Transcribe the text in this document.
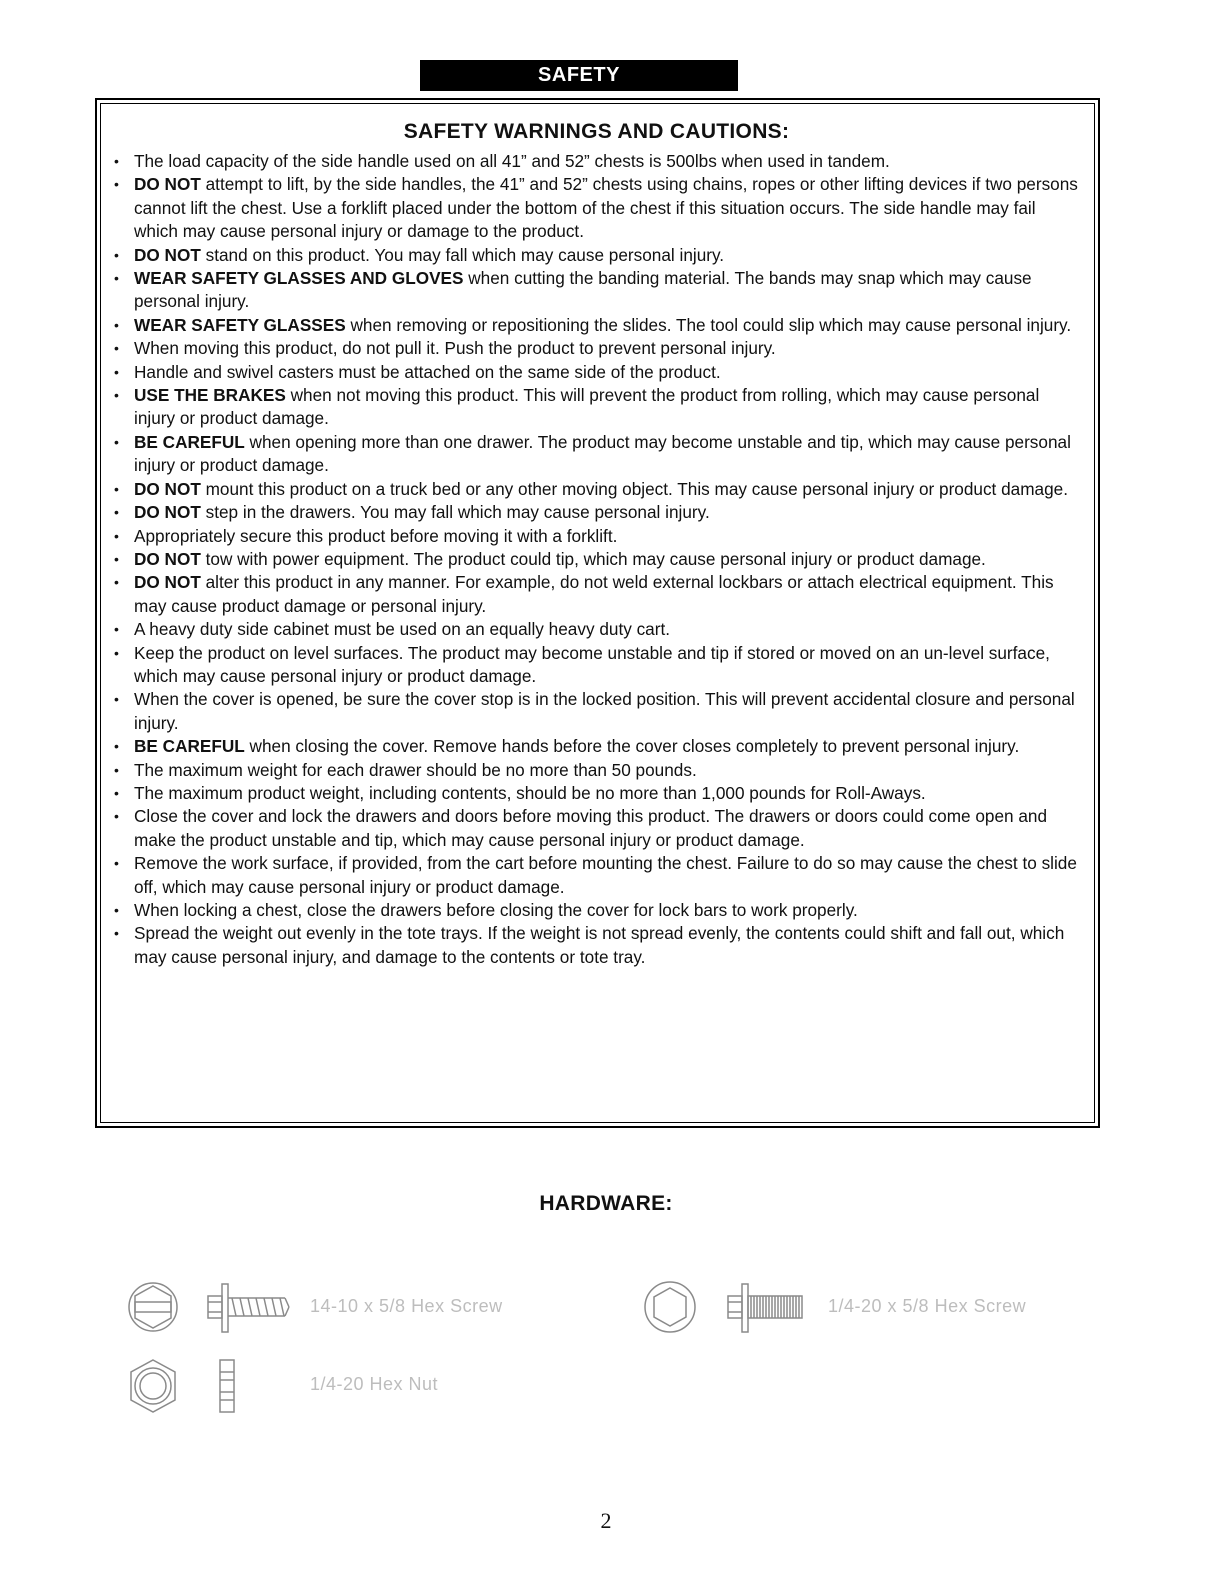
SAFETY
SAFETY WARNINGS AND CAUTIONS:
• The load capacity of the side handle used on all 41” and 52” chests is 500lbs when used in tandem.
• DO NOT attempt to lift, by the side handles, the 41” and 52” chests using chains, ropes or other lifting devices if two persons cannot lift the chest. Use a forklift placed under the bottom of the chest if this situation occurs. The side handle may fail which may cause personal injury or damage to the product.
• DO NOT stand on this product. You may fall which may cause personal injury.
• WEAR SAFETY GLASSES AND GLOVES when cutting the banding material. The bands may snap which may cause personal injury.
• WEAR SAFETY GLASSES when removing or repositioning the slides. The tool could slip which may cause personal injury.
• When moving this product, do not pull it. Push the product to prevent personal injury.
• Handle and swivel casters must be attached on the same side of the product.
• USE THE BRAKES when not moving this product. This will prevent the product from rolling, which may cause personal injury or product damage.
• BE CAREFUL when opening more than one drawer. The product may become unstable and tip, which may cause personal injury or product damage.
• DO NOT mount this product on a truck bed or any other moving object. This may cause personal injury or product damage.
• DO NOT step in the drawers. You may fall which may cause personal injury.
• Appropriately secure this product before moving it with a forklift.
• DO NOT tow with power equipment. The product could tip, which may cause personal injury or product damage.
• DO NOT alter this product in any manner. For example, do not weld external lockbars or attach electrical equipment. This may cause product damage or personal injury.
• A heavy duty side cabinet must be used on an equally heavy duty cart.
• Keep the product on level surfaces. The product may become unstable and tip if stored or moved on an un-level surface, which may cause personal injury or product damage.
• When the cover is opened, be sure the cover stop is in the locked position. This will prevent accidental closure and personal injury.
• BE CAREFUL when closing the cover. Remove hands before the cover closes completely to prevent personal injury.
• The maximum weight for each drawer should be no more than 50 pounds.
• The maximum product weight, including contents, should be no more than 1,000 pounds for Roll-Aways.
• Close the cover and lock the drawers and doors before moving this product. The drawers or doors could come open and make the product unstable and tip, which may cause personal injury or product damage.
• Remove the work surface, if provided, from the cart before mounting the chest. Failure to do so may cause the chest to slide off, which may cause personal injury or product damage.
• When locking a chest, close the drawers before closing the cover for lock bars to work properly.
• Spread the weight out evenly in the tote trays. If the weight is not spread evenly, the contents could shift and fall out, which may cause personal injury, and damage to the contents or tote tray.
HARDWARE:
14-10 x 5/8 Hex Screw	1/4-20 x 5/8 Hex Screw
1/4-20 Hex Nut
2
